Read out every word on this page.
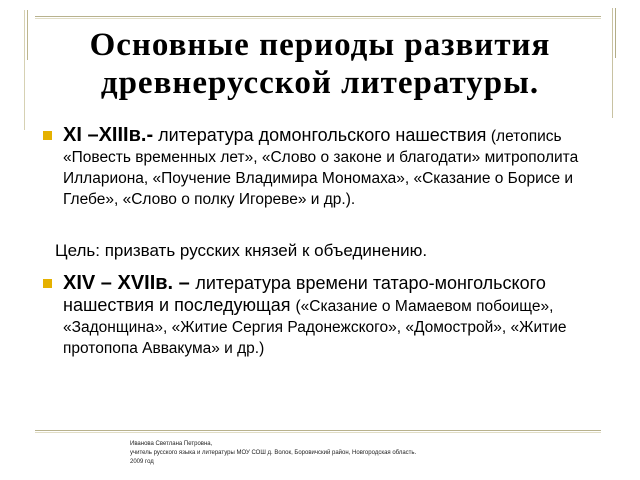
Основные периоды развития древнерусской литературы.
XI –XIIIв.- литература домонгольского нашествия (летопись «Повесть временных лет», «Слово о законе и благодати» митрополита Иллариона, «Поучение Владимира Мономаха», «Сказание о Борисе и Глебе», «Слово о полку Игореве» и др.).
Цель: призвать русских князей к объединению.
XIV – XVIIв. – литература времени татаро-монгольского нашествия и последующая («Сказание о Мамаевом побоище», «Задонщина», «Житие Сергия Радонежского», «Домострой», «Житие протопопа Аввакума» и др.)
Иванова Светлана Петровна,
учитель русского языка и литературы МОУ СОШ д. Волок, Боровичский район, Новгородская область.
2009 год
